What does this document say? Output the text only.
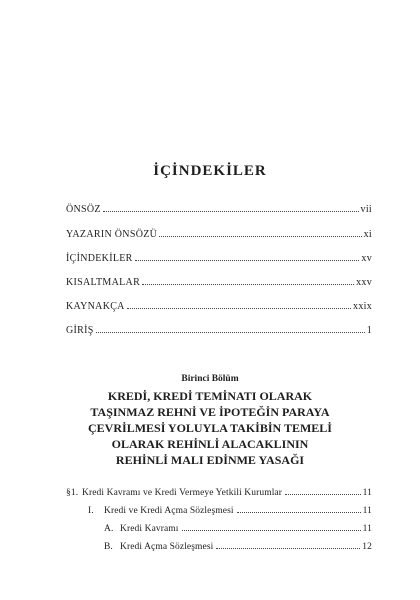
İÇİNDEKİLER
ÖNSÖZ	vii
YAZARIN ÖNSÖZÜ	xi
İÇİNDEKİLER	xv
KISALTMALAR	xxv
KAYNAKÇA	xxix
GİRİŞ	1
Birinci Bölüm
KREDİ, KREDİ TEMİNATI OLARAK
TAŞINMAZ REHNİ VE İPOTEĞİN PARAYA
ÇEVRİLMESİ YOLUYLA TAKİBİN TEMELİ
OLARAK REHİNLİ ALACAKLININ
REHİNLİ MALI EDİNME YASAĞI
§1. Kredi Kavramı ve Kredi Vermeye Yetkili Kurumlar	11
I.	Kredi ve Kredi Açma Sözleşmesi	11
A. Kredi Kavramı	11
B. Kredi Açma Sözleşmesi	12
